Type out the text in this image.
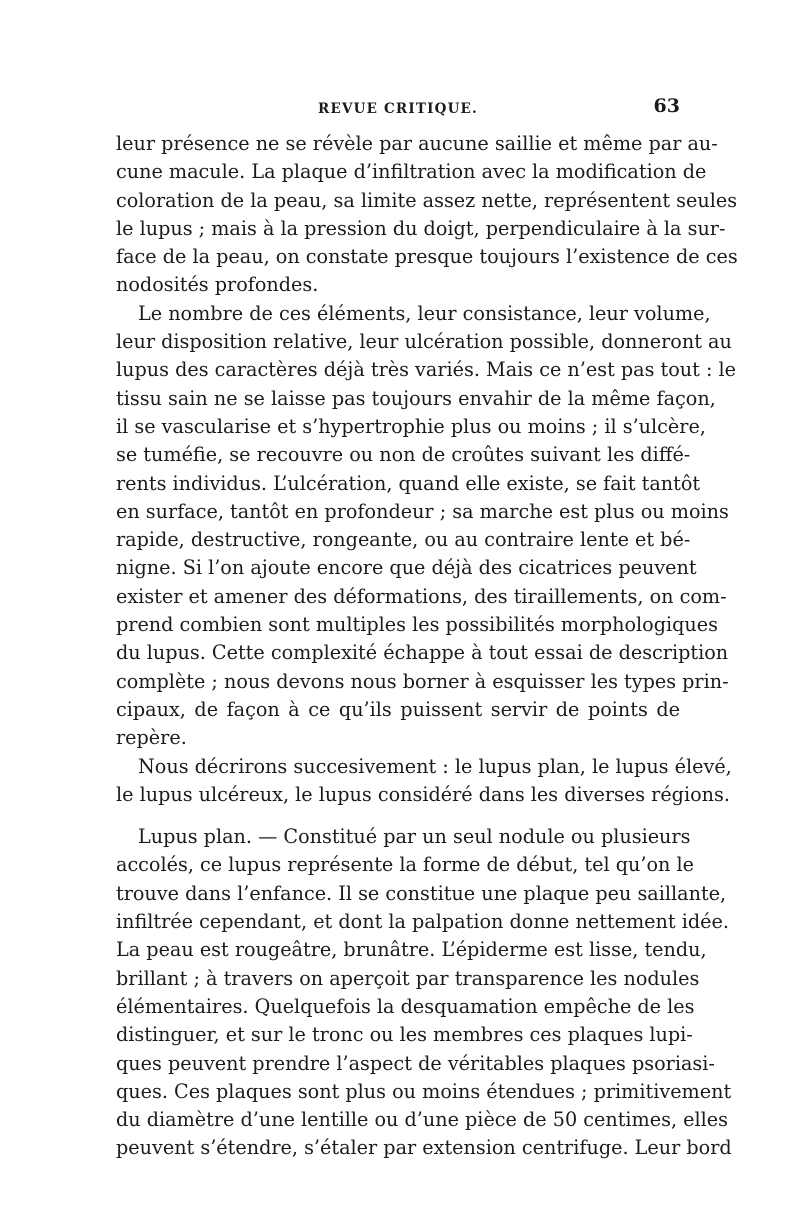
REVUE CRITIQUE.	63
leur présence ne se révèle par aucune saillie et même par au-
cune macule. La plaque d’infiltration avec la modification de
coloration de la peau, sa limite assez nette, représentent seules
le lupus ; mais à la pression du doigt, perpendiculaire à la sur-
face de la peau, on constate presque toujours l’existence de ces
nodosités profondes.
Le nombre de ces éléments, leur consistance, leur volume,
leur disposition relative, leur ulcération possible, donneront au
lupus des caractères déjà très variés. Mais ce n’est pas tout : le
tissu sain ne se laisse pas toujours envahir de la même façon,
il se vascularise et s’hypertrophie plus ou moins ; il s’ulcère,
se tuméfie, se recouvre ou non de croûtes suivant les diffé-
rents individus. L’ulcération, quand elle existe, se fait tantôt
en surface, tantôt en profondeur ; sa marche est plus ou moins
rapide, destructive, rongeante, ou au contraire lente et bé-
nigne. Si l’on ajoute encore que déjà des cicatrices peuvent
exister et amener des déformations, des tiraillements, on com-
prend combien sont multiples les possibilités morphologiques
du lupus. Cette complexité échappe à tout essai de description
complète ; nous devons nous borner à esquisser les types prin-
cipaux, de façon à ce qu’ils puissent servir de points de
repère.
Nous décrirons succesivement : le lupus plan, le lupus élevé,
le lupus ulcéreux, le lupus considéré dans les diverses régions.
Lupus plan. — Constitué par un seul nodule ou plusieurs
accolés, ce lupus représente la forme de début, tel qu’on le
trouve dans l’enfance. Il se constitue une plaque peu saillante,
infiltrée cependant, et dont la palpation donne nettement idée.
La peau est rougeâtre, brunâtre. L’épiderme est lisse, tendu,
brillant ; à travers on aperçoit par transparence les nodules
élémentaires. Quelquefois la desquamation empêche de les
distinguer, et sur le tronc ou les membres ces plaques lupi-
ques peuvent prendre l’aspect de véritables plaques psoriasi-
ques. Ces plaques sont plus ou moins étendues ; primitivement
du diamètre d’une lentille ou d’une pièce de 50 centimes, elles
peuvent s’étendre, s’étaler par extension centrifuge. Leur bord
